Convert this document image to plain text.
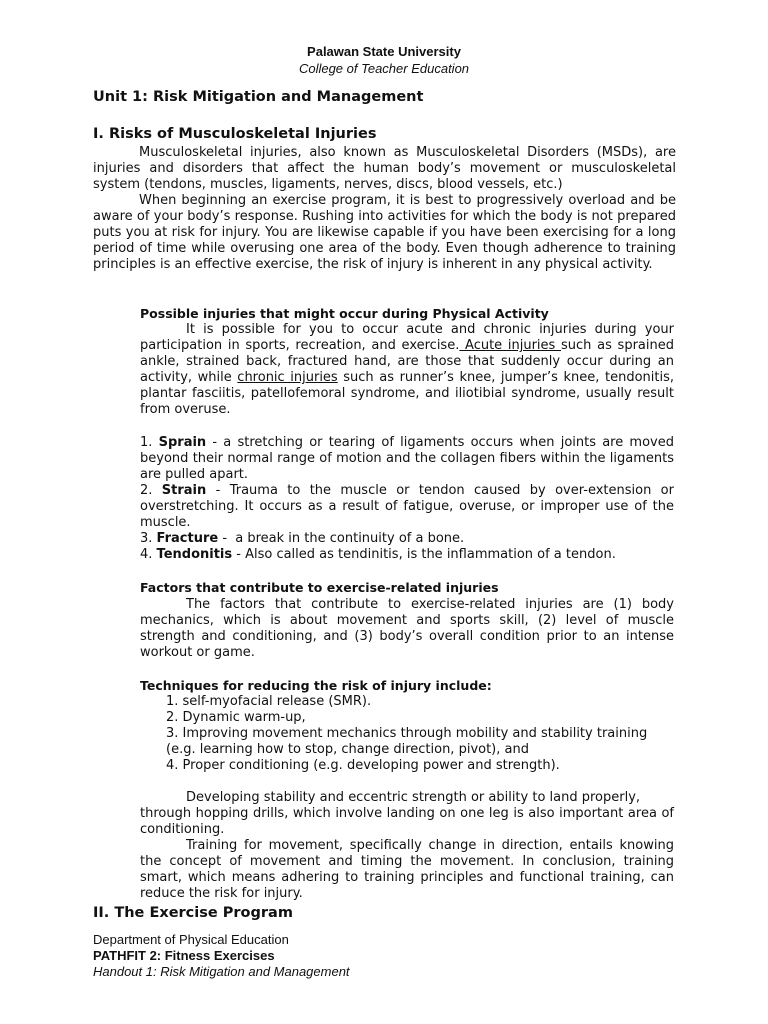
Palawan State University
College of Teacher Education
Unit 1: Risk Mitigation and Management
I. Risks of Musculoskeletal Injuries
Musculoskeletal injuries, also known as Musculoskeletal Disorders (MSDs), are injuries and disorders that affect the human body’s movement or musculoskeletal system (tendons, muscles, ligaments, nerves, discs, blood vessels, etc.)
When beginning an exercise program, it is best to progressively overload and be aware of your body’s response. Rushing into activities for which the body is not prepared puts you at risk for injury. You are likewise capable if you have been exercising for a long period of time while overusing one area of the body. Even though adherence to training principles is an effective exercise, the risk of injury is inherent in any physical activity.
Possible injuries that might occur during Physical Activity
It is possible for you to occur acute and chronic injuries during your participation in sports, recreation, and exercise. Acute injuries such as sprained ankle, strained back, fractured hand, are those that suddenly occur during an activity, while chronic injuries such as runner’s knee, jumper’s knee, tendonitis, plantar fasciitis, patellofemoral syndrome, and iliotibial syndrome, usually result from overuse.
1. Sprain - a stretching or tearing of ligaments occurs when joints are moved beyond their normal range of motion and the collagen fibers within the ligaments are pulled apart.
2. Strain - Trauma to the muscle or tendon caused by over-extension or overstretching. It occurs as a result of fatigue, overuse, or improper use of the muscle.
3. Fracture -  a break in the continuity of a bone.
4. Tendonitis - Also called as tendinitis, is the inflammation of a tendon.
Factors that contribute to exercise-related injuries
The factors that contribute to exercise-related injuries are (1) body mechanics, which is about movement and sports skill, (2) level of muscle strength and conditioning, and (3) body’s overall condition prior to an intense workout or game.
Techniques for reducing the risk of injury include:
1. self-myofacial release (SMR).
2. Dynamic warm-up,
3. Improving movement mechanics through mobility and stability training (e.g. learning how to stop, change direction, pivot), and
4. Proper conditioning (e.g. developing power and strength).
Developing stability and eccentric strength or ability to land properly,
through hopping drills, which involve landing on one leg is also important area of conditioning.
Training for movement, specifically change in direction, entails knowing the concept of movement and timing the movement. In conclusion, training smart, which means adhering to training principles and functional training, can reduce the risk for injury.
II. The Exercise Program
Department of Physical Education
PATHFIT 2: Fitness Exercises
Handout 1: Risk Mitigation and Management
